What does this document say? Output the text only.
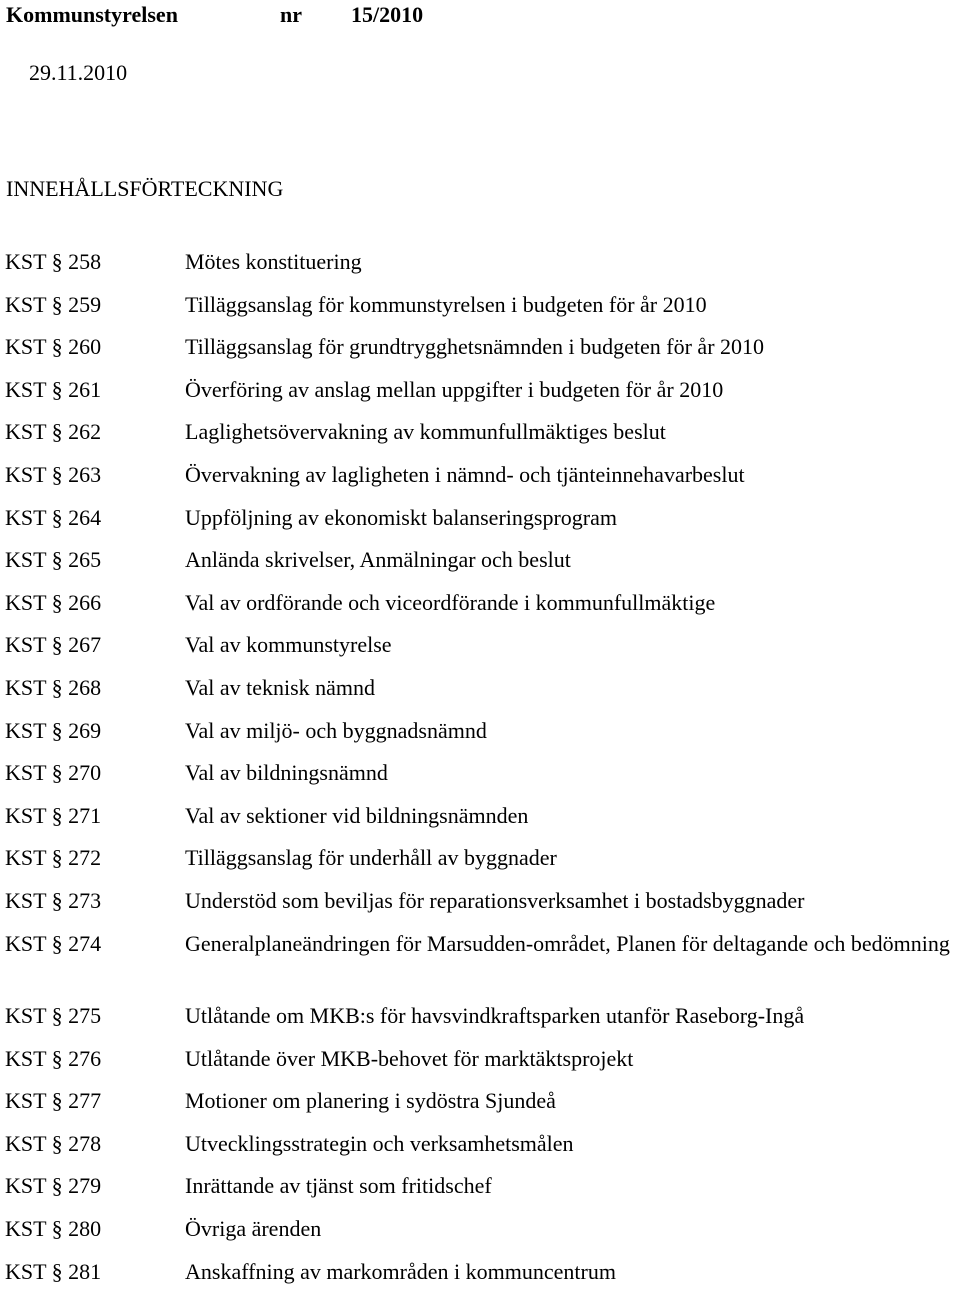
Kommunstyrelsen	nr 15/2010
29.11.2010
INNEHÅLLSFÖRTECKNING
KST § 258	Mötes konstituering
KST § 259	Tilläggsanslag för kommunstyrelsen i budgeten för år 2010
KST § 260	Tilläggsanslag för grundtrygghetsnämnden i budgeten för år 2010
KST § 261	Överföring av anslag mellan uppgifter i budgeten för år 2010
KST § 262	Laglighetsövervakning av kommunfullmäktiges beslut
KST § 263	Övervakning av lagligheten i nämnd- och tjänteinnehavarbeslut
KST § 264	Uppföljning av ekonomiskt balanseringsprogram
KST § 265	Anlända skrivelser, Anmälningar och beslut
KST § 266	Val av ordförande och viceordförande i kommunfullmäktige
KST § 267	Val av kommunstyrelse
KST § 268	Val av teknisk nämnd
KST § 269	Val av miljö- och byggnadsnämnd
KST § 270	Val av bildningsnämnd
KST § 271	Val av sektioner vid bildningsnämnden
KST § 272	Tilläggsanslag för underhåll av byggnader
KST § 273	Understöd som beviljas för reparationsverksamhet i bostadsbyggnader
KST § 274	Generalplaneändringen för Marsudden-området, Planen för deltagande och bedömning
KST § 275	Utlåtande om MKB:s för havsvindkraftsparken utanför Raseborg-Ingå
KST § 276	Utlåtande över MKB-behovet för marktäktsprojekt
KST § 277	Motioner om planering i sydöstra Sjundeå
KST § 278	Utvecklingsstrategin och verksamhetsmålen
KST § 279	Inrättande av tjänst som fritidschef
KST § 280	Övriga ärenden
KST § 281	Anskaffning av markområden i kommuncentrum
